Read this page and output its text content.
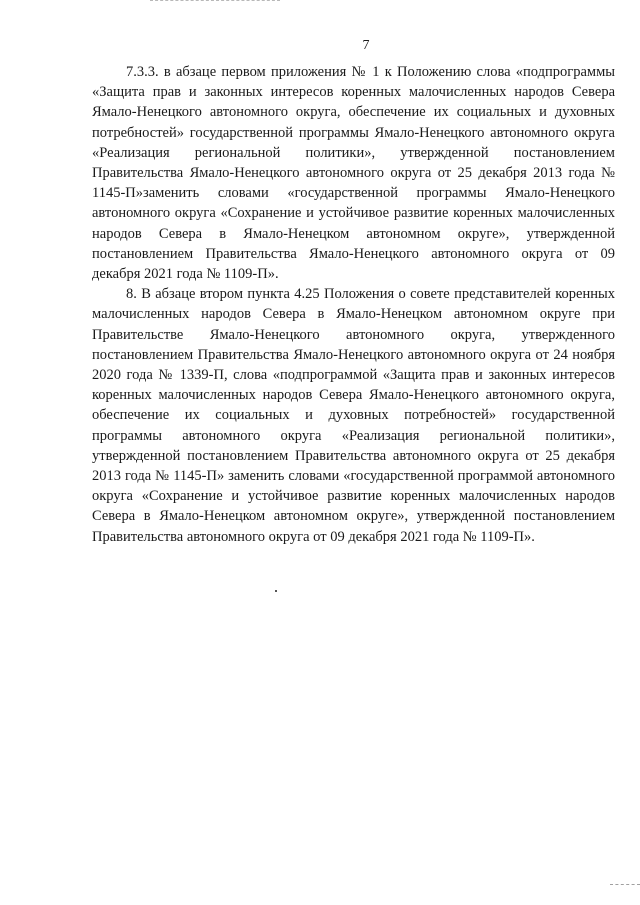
7

7.3.3. в абзаце первом приложения № 1 к Положению слова «подпрограммы «Защита прав и законных интересов коренных малочисленных народов Севера Ямало-Ненецкого автономного округа, обеспечение их социальных и духовных потребностей» государственной программы Ямало-Ненецкого автономного округа «Реализация региональной политики», утвержденной постановлением Правительства Ямало-Ненецкого автономного округа от 25 декабря 2013 года № 1145-П»заменить словами «государственной программы Ямало-Ненецкого автономного округа «Сохранение и устойчивое развитие коренных малочисленных народов Севера в Ямало-Ненецком автономном округе», утвержденной постановлением Правительства Ямало-Ненецкого автономного округа от 09 декабря 2021 года № 1109-П».

8. В абзаце втором пункта 4.25 Положения о совете представителей коренных малочисленных народов Севера в Ямало-Ненецком автономном округе при Правительстве Ямало-Ненецкого автономного округа, утвержденного постановлением Правительства Ямало-Ненецкого автономного округа от 24 ноября 2020 года № 1339-П, слова «подпрограммой «Защита прав и законных интересов коренных малочисленных народов Севера Ямало-Ненецкого автономного округа, обеспечение их социальных и духовных потребностей» государственной программы автономного округа «Реализация региональной политики», утвержденной постановлением Правительства автономного округа от 25 декабря 2013 года № 1145-П» заменить словами «государственной программой автономного округа «Сохранение и устойчивое развитие коренных малочисленных народов Севера в Ямало-Ненецком автономном округе», утвержденной постановлением Правительства автономного округа от 09 декабря 2021 года № 1109-П».
